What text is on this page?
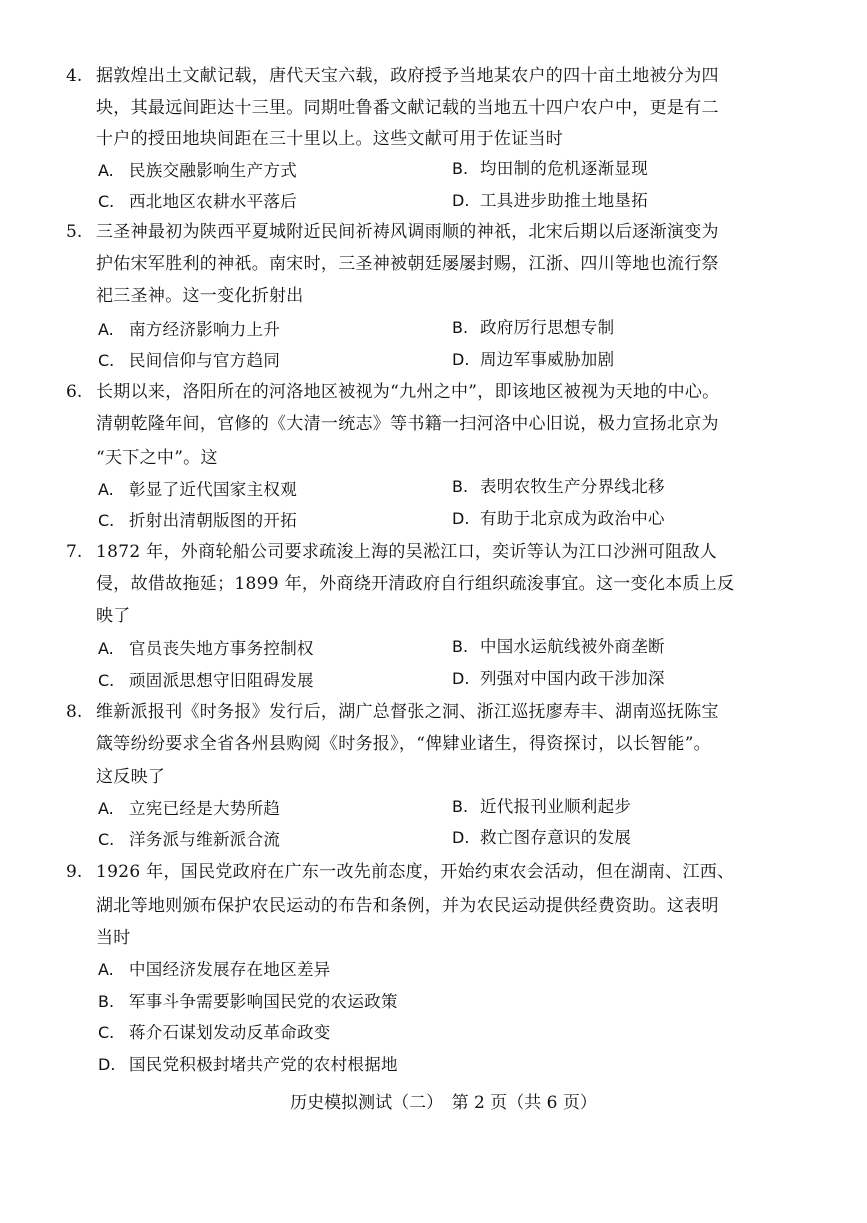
4. 据敦煌出土文献记载，唐代天宝六载，政府授予当地某农户的四十亩土地被分为四
块，其最远间距达十三里。同期吐鲁番文献记载的当地五十四户农户中，更是有二
十户的授田地块间距在三十里以上。这些文献可用于佐证当时
A. 民族交融影响生产方式	B. 均田制的危机逐渐显现
C. 西北地区农耕水平落后	D. 工具进步助推土地垦拓
5. 三圣神最初为陕西平夏城附近民间祈祷风调雨顺的神祇，北宋后期以后逐渐演变为
护佑宋军胜利的神祇。南宋时，三圣神被朝廷屡屡封赐，江浙、四川等地也流行祭
祀三圣神。这一变化折射出
A. 南方经济影响力上升	B. 政府厉行思想专制
C. 民间信仰与官方趋同	D. 周边军事威胁加剧
6. 长期以来，洛阳所在的河洛地区被视为“九州之中”，即该地区被视为天地的中心。
清朝乾隆年间，官修的《大清一统志》等书籍一扫河洛中心旧说，极力宣扬北京为
“天下之中”。这
A. 彰显了近代国家主权观	B. 表明农牧生产分界线北移
C. 折射出清朝版图的开拓	D. 有助于北京成为政治中心
7. 1872 年，外商轮船公司要求疏浚上海的吴淞江口，奕䜣等认为江口沙洲可阻敌人
侵，故借故拖延；1899 年，外商绕开清政府自行组织疏浚事宜。这一变化本质上反
映了
A. 官员丧失地方事务控制权	B. 中国水运航线被外商垄断
C. 顽固派思想守旧阻碍发展	D. 列强对中国内政干涉加深
8. 维新派报刊《时务报》发行后，湖广总督张之洞、浙江巡抚廖寿丰、湖南巡抚陈宝
箴等纷纷要求全省各州县购阅《时务报》，“俾肄业诸生，得资探讨，以长智能”。
这反映了
A. 立宪已经是大势所趋	B. 近代报刊业顺利起步
C. 洋务派与维新派合流	D. 救亡图存意识的发展
9. 1926 年，国民党政府在广东一改先前态度，开始约束农会活动，但在湖南、江西、
湖北等地则颁布保护农民运动的布告和条例，并为农民运动提供经费资助。这表明
当时
A. 中国经济发展存在地区差异
B. 军事斗争需要影响国民党的农运政策
C. 蒋介石谋划发动反革命政变
D. 国民党积极封堵共产党的农村根据地
历史模拟测试（二）　第 2 页（共 6 页）
